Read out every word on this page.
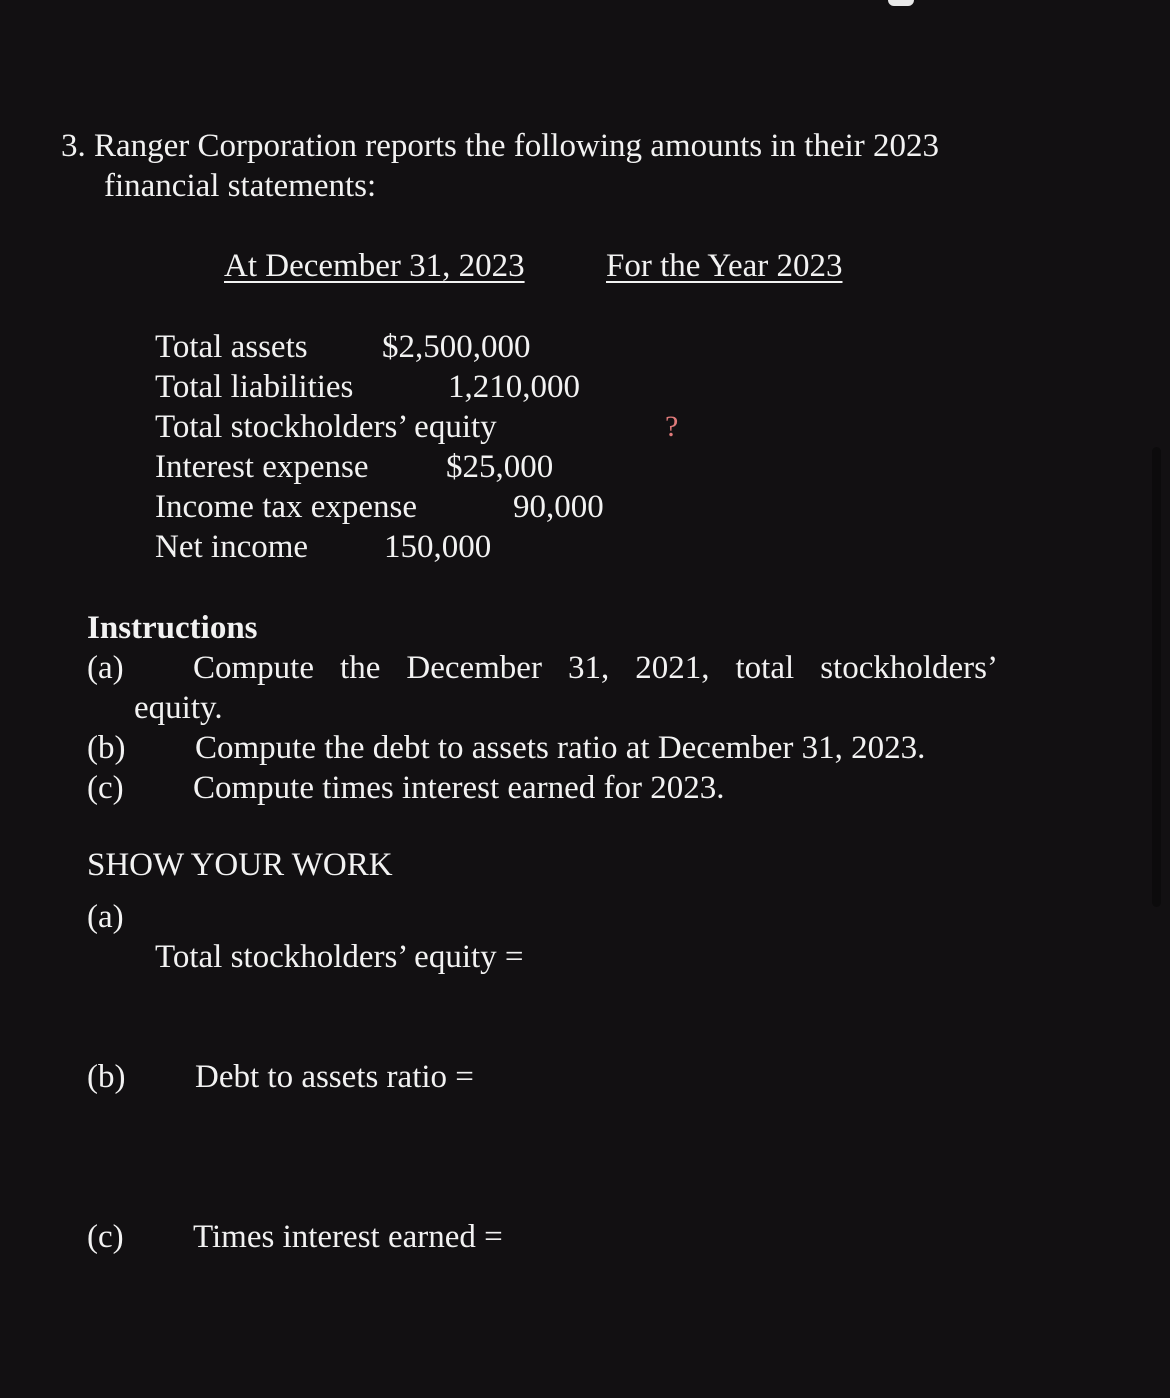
3. Ranger Corporation reports the following amounts in their 2023
financial statements:
At December 31, 2023 For the Year 2023
Total assets $2,500,000
Total liabilities	1,210,000
Total stockholders’ equity	?
Interest expense $25,000
Income tax expense	90,000
Net income 150,000
Instructions
(a) Compute the December 31, 2021, total stockholders’
equity.
(b) Compute the debt to assets ratio at December 31, 2023.
(c) Compute times interest earned for 2023.
SHOW YOUR WORK
(a)
Total stockholders’ equity =
(b) Debt to assets ratio =
(c) Times interest earned =
